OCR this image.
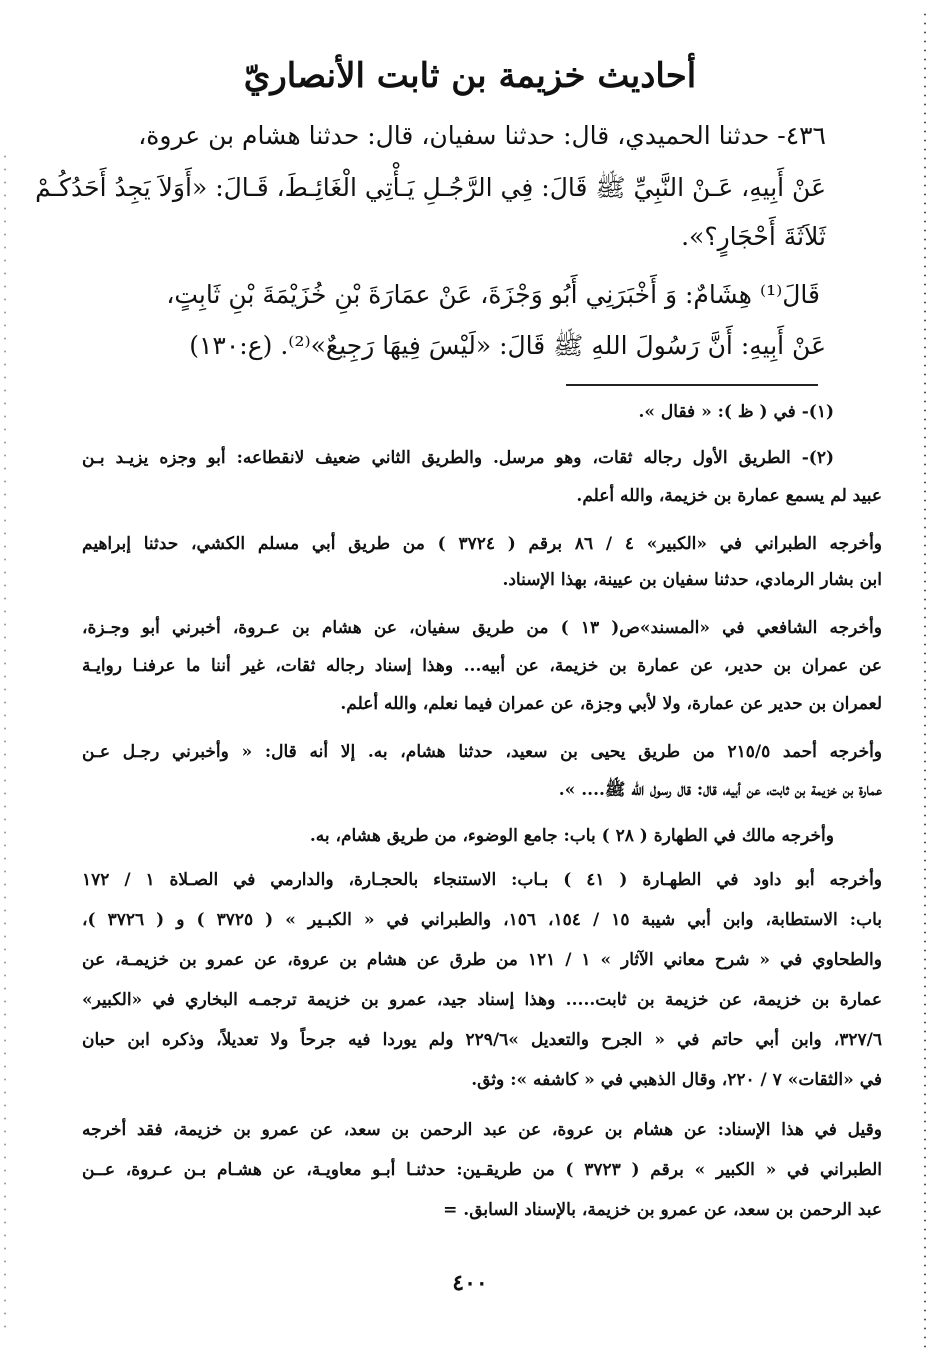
أحاديث خزيمة بن ثابت الأنصاريّ
٤٣٦- حدثنا الحميدي، قال: حدثنا سفيان، قال: حدثنا هشام بن عروة،
عَنْ أَبِيهِ، عَـنْ النَّبِيِّ ﷺ قَالَ: فِي الرَّجُـلِ يَـأْتِي الْغَائِـطَ، قَـالَ: «أَوَلاَ يَجِدُ أَحَدُكُـمْ
ثَلاَثَةَ أَحْجَارٍ؟».
قَالَ⁽¹⁾ هِشَامٌ: وَ أَخْبَرَنِي أَبُو وَجْزَةَ، عَنْ عمَارَةَ بْنِ خُزَيْمَةَ بْنِ ثَابِتٍ،
عَنْ أَبِيهِ: أَنَّ رَسُولَ اللهِ ﷺ قَالَ: «لَيْسَ فِيهَا رَجِيعٌ»⁽²⁾. (ع:١٣٠)
(١)- في ( ظ ): « فقال ».
(٢)- الطريق الأول رجاله ثقات، وهو مرسل. والطريق الثاني ضعيف لانقطاعه: أبو وجزه يزيـد بـن
عبيد لم يسمع عمارة بن خزيمة، والله أعلم.
وأخرجه الطبراني في «الكبير» ٤ / ٨٦ برقم ( ٣٧٢٤ ) من طريق أبي مسلم الكشي، حدثنا إبراهيم
ابن بشار الرمادي، حدثنا سفيان بن عيينة، بهذا الإسناد.
وأخرجه الشافعي في «المسند»ص( ١٣ ) من طريق سفيان، عن هشام بن عـروة، أخبرني أبو وجـزة،
عن عمران بن حدير، عن عمارة بن خزيمة، عن أبيه... وهذا إسناد رجاله ثقات، غير أننا ما عرفنـا روايـة
لعمران بن حدير عن عمارة، ولا لأبي وجزة، عن عمران فيما نعلم، والله أعلم.
وأخرجه أحمد ٢١٥/٥ من طريق يحيى بن سعيد، حدثنا هشام، به. إلا أنه قال: « وأخبرني رجـل عـن
عمارة بن خزيمة بن ثابت، عن أبيه، قال: قال رسول الله ﷺ.... ».
وأخرجه مالك في الطهارة ( ٢٨ ) باب: جامع الوضوء، من طريق هشام، به.
وأخرجه أبو داود في الطهـارة ( ٤١ ) بـاب: الاستنجاء بالحجـارة، والدارمي في الصـلاة ١ / ١٧٢
باب: الاستطابة، وابن أبي شيبة ١٥ / ١٥٤، ١٥٦، والطبراني في « الكبـير » ( ٣٧٢٥ ) و ( ٣٧٢٦ )،
والطحاوي في « شرح معاني الآثار » ١ / ١٢١ من طرق عن هشام بن عروة، عن عمرو بن خزيمـة، عن
عمارة بن خزيمة، عن خزيمة بن ثابت..... وهذا إسناد جيد، عمرو بن خزيمة ترجمـه البخاري في «الكبير»
٣٢٧/٦، وابن أبي حاتم في « الجرح والتعديل »٢٢٩/٦ ولم يوردا فيه جرحاً ولا تعديلاً، وذكره ابن حبان
في «الثقات» ٧ / ٢٢٠، وقال الذهبي في « كاشفه »: وثق.
وقيل في هذا الإسناد: عن هشام بن عروة، عن عبد الرحمن بن سعد، عن عمرو بن خزيمة، فقد أخرجه
الطبراني في « الكبير » برقم ( ٣٧٢٣ ) من طريقـين: حدثنـا أبـو معاويـة، عن هشـام بـن عـروة، عــن
عبد الرحمن بن سعد، عن عمرو بن خزيمة، بالإسناد السابق. =
٤٠٠
